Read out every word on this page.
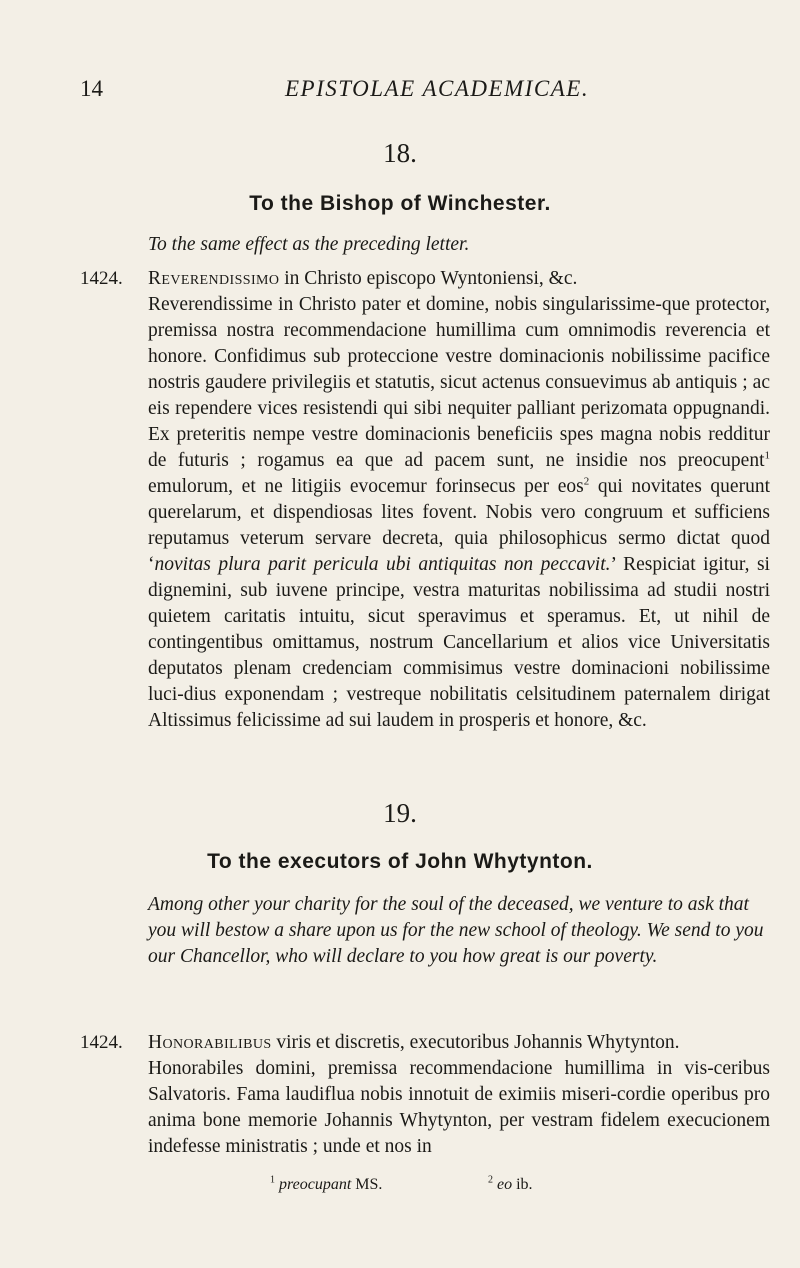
14	EPISTOLAE ACADEMICAE.
18.
To the Bishop of Winchester.
To the same effect as the preceding letter.
1424. Reverendissimo in Christo episcopo Wyntoniensi, &c.

Reverendissime in Christo pater et domine, nobis singularissime-que protector, premissa nostra recommendacione humillima cum omnimodis reverencia et honore. Confidimus sub proteccione vestre dominacionis nobilissime pacifice nostris gaudere privilegiis et statutis, sicut actenus consuevimus ab antiquis ; ac eis rependere vices resistendi qui sibi nequiter palliant perizomata oppugnandi. Ex preteritis nempe vestre dominacionis beneficiis spes magna nobis redditur de futuris ; rogamus ea que ad pacem sunt, ne insidie nos preocupent$^1$ emulorum, et ne litigiis evocemur forinsecus per eos$^2$ qui novitates querunt querelarum, et dispendiosas lites fovent. Nobis vero congruum et sufficiens reputamus veterum servare decreta, quia philosophicus sermo dictat quod ‘novitas plura parit pericula ubi antiquitas non peccavit.’ Respiciat igitur, si dignemini, sub iuvene principe, vestra maturitas nobilissima ad studii nostri quietem caritatis intuitu, sicut speravimus et speramus. Et, ut nihil de contingentibus omittamus, nostrum Cancellarium et alios vice Universitatis deputatos plenam credenciam commisimus vestre dominacioni nobilissime luci-dius exponendam ; vestreque nobilitatis celsitudinem paternalem dirigat Altissimus felicissime ad sui laudem in prosperis et honore, &c.

19.
To the executors of John Whytynton.
Among other your charity for the soul of the deceased, we venture to ask that you will bestow a share upon us for the new school of theology. We send to you our Chancellor, who will declare to you how great is our poverty.
1424. Honorabilibus viris et discretis, executoribus Johannis Whytynton.

Honorabiles domini, premissa recommendacione humillima in vis-ceribus Salvatoris. Fama laudiflua nobis innotuit de eximiis miseri-cordie operibus pro anima bone memorie Johannis Whytynton, per vestram fidelem execucionem indefesse ministratis ; unde et nos in

$^1$ preocupant MS.	$^2$ eo ib.
